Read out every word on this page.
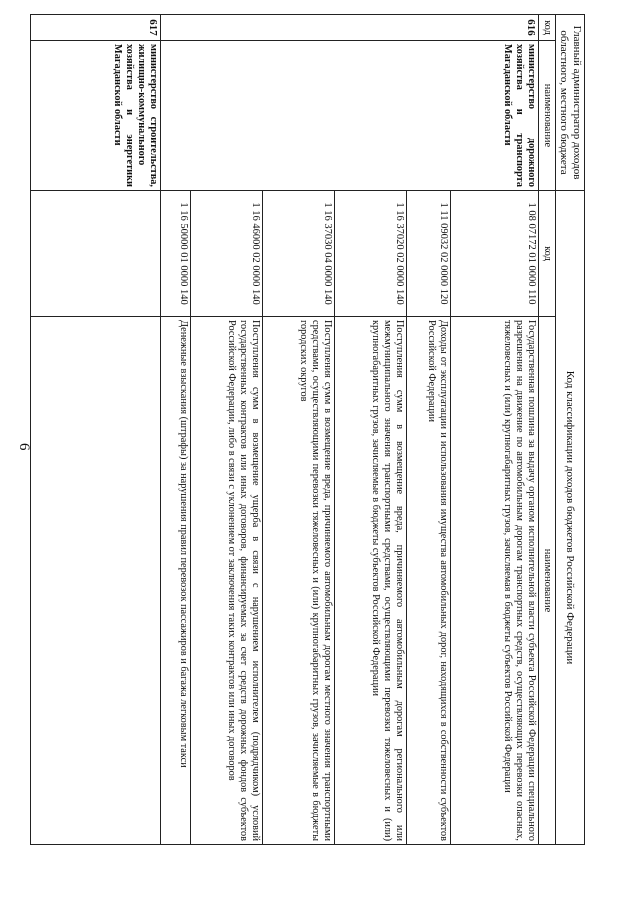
6
Главный администратор доходов областного, местного бюджета		Код классификации доходов бюджетов Российской Федерации	
код	наименование	код	наименование
616	министерство дорожного хозяйства и транспорта Магаданской области	1 08 07172 01 0000 110	Государственная пошлина за выдачу органом исполнительной власти субъекта Российской Федерации специального разрешения на движение по автомобильным дорогам транспортных средств, осуществляющих перевозки опасных, тяжеловесных и (или) крупногабаритных грузов, зачисляемая в бюджеты субъектов Российской Федерации
		1 11 09032 02 0000 120	Доходы от эксплуатации и использования имущества автомобильных дорог, находящихся в собственности субъектов Российской Федерации
		1 16 37020 02 0000 140	Поступления сумм в возмещение вреда, причиняемого автомобильным дорогам регионального или межмуниципального значения транспортными средствами, осуществляющими перевозки тяжеловесных и (или) крупногабаритных грузов, зачисляемые в бюджеты субъектов Российской Федерации
		1 16 37030 04 0000 140	Поступления сумм в возмещение вреда, причиняемого автомобильным дорогам местного значения транспортными средствами, осуществляющими перевозки тяжеловесных и (или) крупногабаритных грузов, зачисляемые в бюджеты городских округов
		1 16 46000 02 0000 140	Поступления сумм в возмещение ущерба в связи с нарушением исполнителем (подрядчиком) условий государственных контрактов или иных договоров, финансируемых за счет средств дорожных фондов субъектов Российской Федерации, либо в связи с уклонением от заключения таких контрактов или иных договоров
		1 16 50000 01 0000 140	Денежные взыскания (штрафы) за нарушения правил перевозок пассажиров и багажа легковым такси
617	министерство строительства, жилищно-коммунального хозяйства и энергетики Магаданской области		
